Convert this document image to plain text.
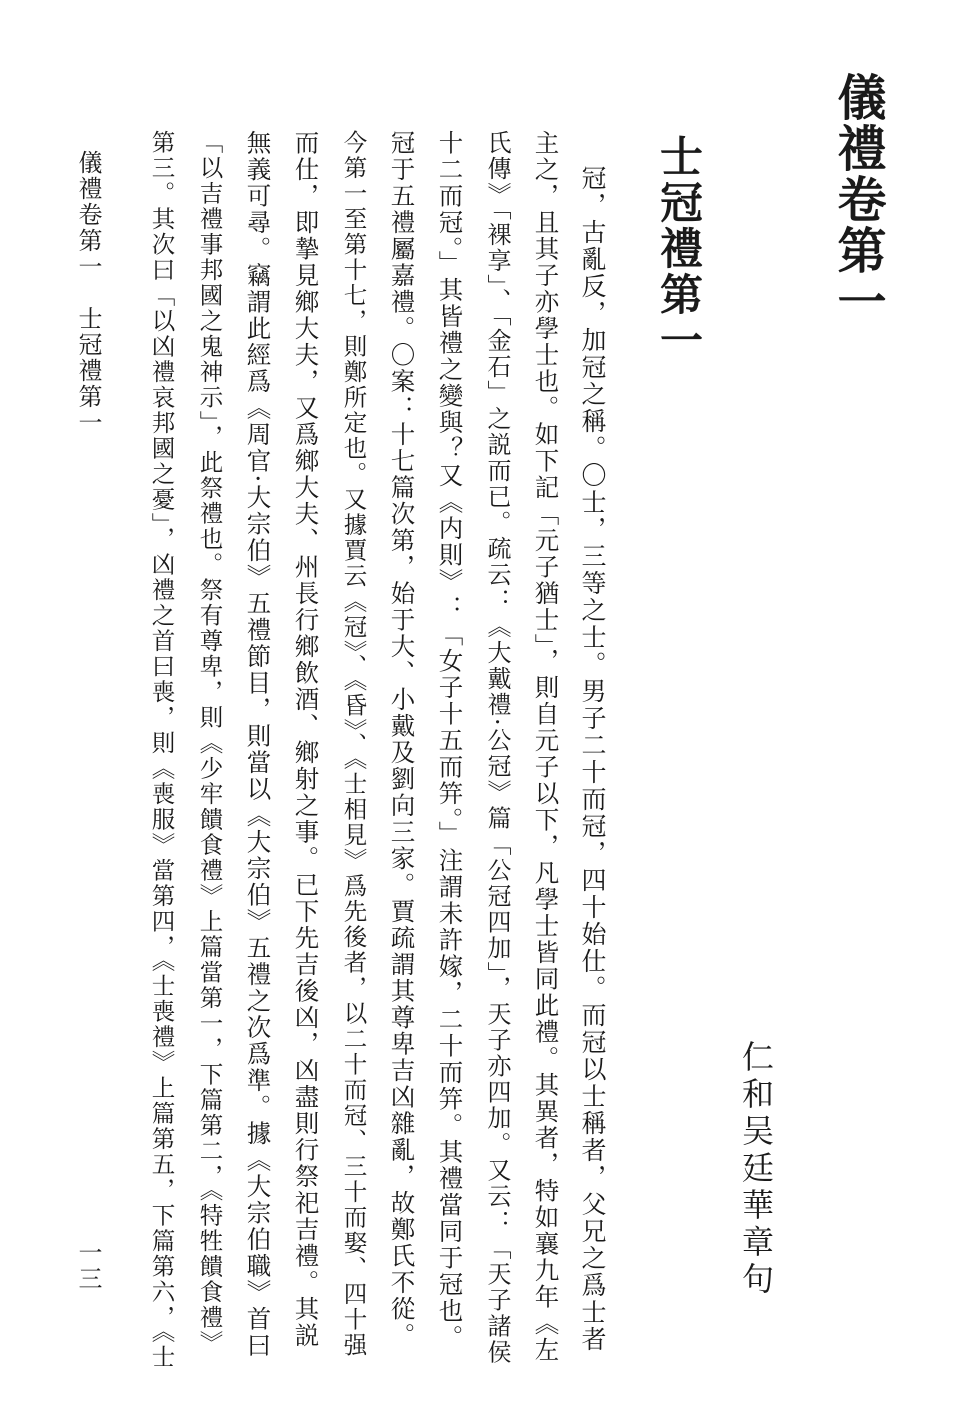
儀禮卷第一
士冠禮第一
仁和吴廷華章句
冠，古亂反，加冠之稱。〇士，三等之士。男子二十而冠，四十始仕。而冠以士稱者，父兄之爲士者
主之，且其子亦學士也。如下記「元子猶士」，則自元子以下，凡學士皆同此禮。其異者，特如襄九年《左
氏傳》「裸享」、「金石」之説而已。疏云：《大戴禮·公冠》篇「公冠四加」，天子亦四加。又云：「天子諸侯
十二而冠。」其皆禮之變與？又《内則》：「女子十五而笄。」注謂未許嫁，二十而笄。其禮當同于冠也。
冠于五禮屬嘉禮。〇案：十七篇次第，始于大、小戴及劉向三家。賈疏謂其尊卑吉凶雜亂，故鄭氏不從。
今第一至第十七，則鄭所定也。又據賈云《冠》、《昏》、《士相見》爲先後者，以二十而冠、三十而娶、四十强
而仕，即摯見鄉大夫，又爲鄉大夫、州長行鄉飲酒、鄉射之事。已下先吉後凶，凶盡則行祭祀吉禮。其説
無義可尋。竊謂此經爲《周官·大宗伯》五禮節目，則當以《大宗伯》五禮之次爲準。據《大宗伯職》首曰
「以吉禮事邦國之鬼神示」，此祭禮也。祭有尊卑，則《少牢饋食禮》上篇當第一，下篇第二，《特牲饋食禮》
第三。其次曰「以凶禮哀邦國之憂」，凶禮之首曰喪，則《喪服》當第四，《士喪禮》上篇第五，下篇第六，《士
儀禮卷第一　士冠禮第一
一三
